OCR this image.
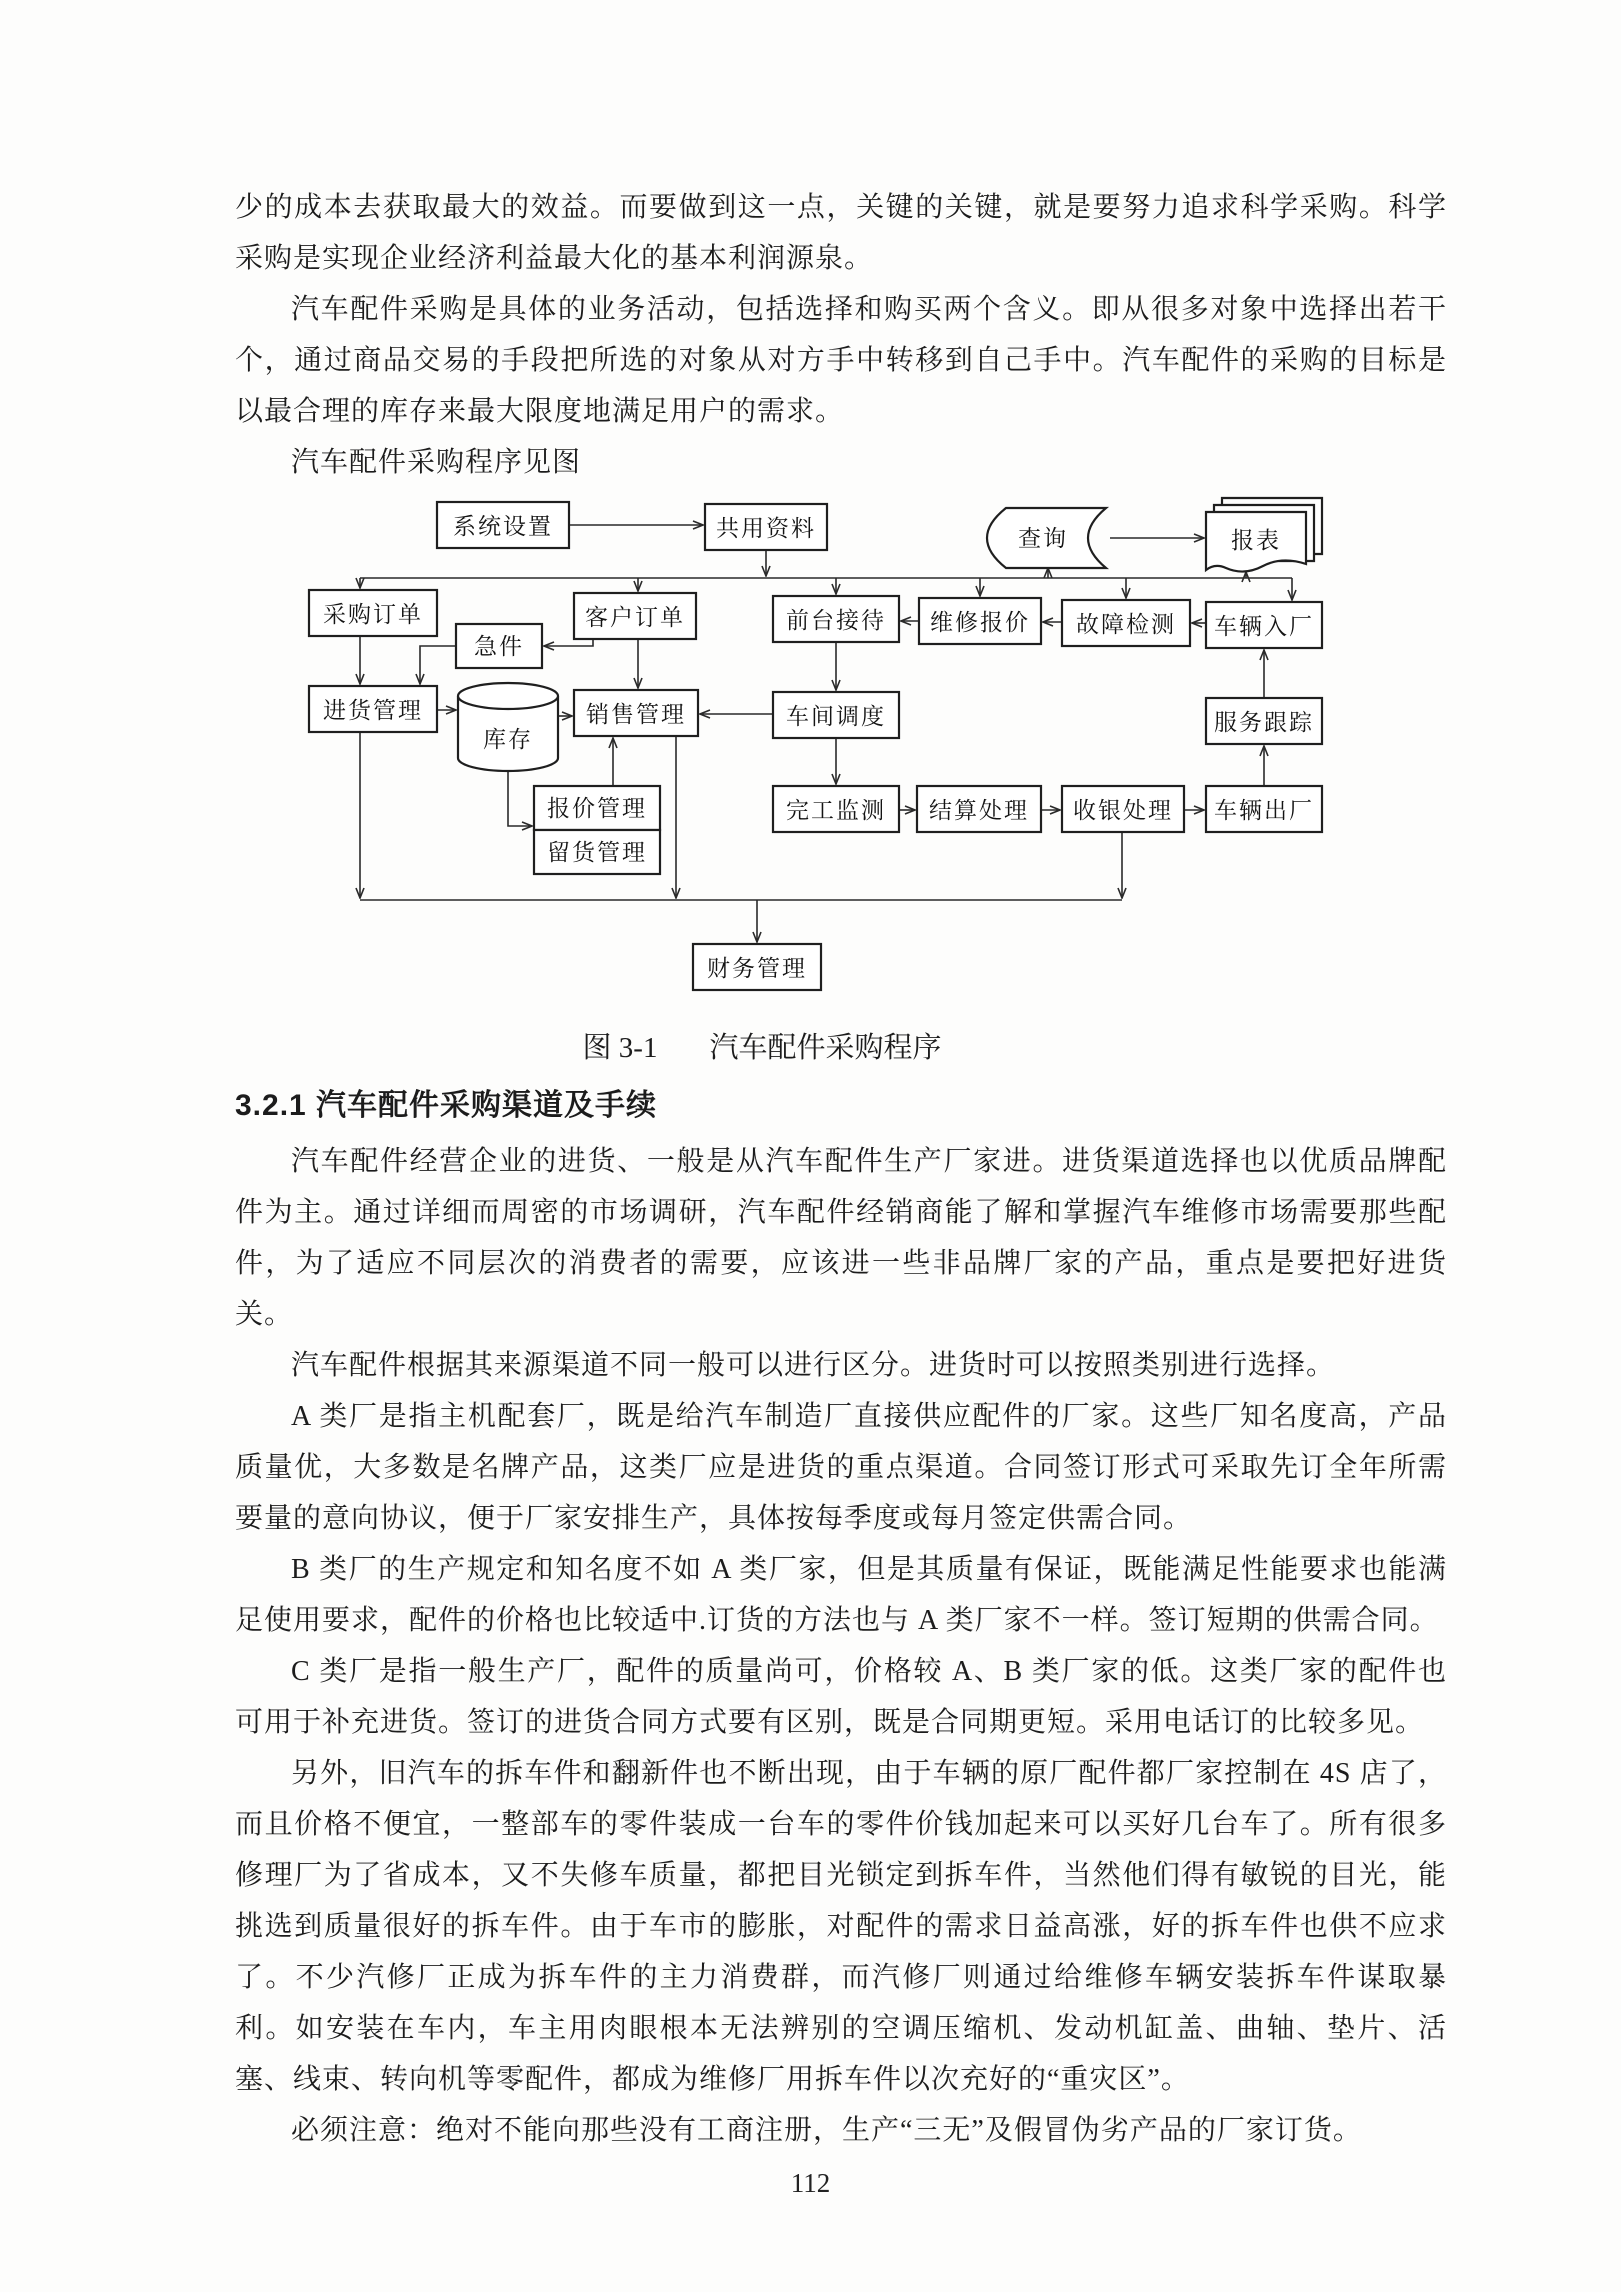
少的成本去获取最大的效益。而要做到这一点，关键的关键，就是要努力追求科学采购。科学采购是实现企业经济利益最大化的基本利润源泉。

汽车配件采购是具体的业务活动，包括选择和购买两个含义。即从很多对象中选择出若干个，通过商品交易的手段把所选的对象从对方手中转移到自己手中。汽车配件的采购的目标是以最合理的库存来最大限度地满足用户的需求。

汽车配件采购程序见图

系统设置	共用资料	查询	报表
采购订单	客户订单	前台接待 维修报价 故障检测 车辆入厂
急件
进货管理
库存
销售管理	车间调度	服务跟踪
报价管理
留货管理
完工监测 结算处理 收银处理 车辆出厂
财务管理
图 3-1 汽车配件采购程序
3.2.1 汽车配件采购渠道及手续

汽车配件经营企业的进货、一般是从汽车配件生产厂家进。进货渠道选择也以优质品牌配件为主。通过详细而周密的市场调研，汽车配件经销商能了解和掌握汽车维修市场需要那些配件，为了适应不同层次的消费者的需要，应该进一些非品牌厂家的产品，重点是要把好进货关。

汽车配件根据其来源渠道不同一般可以进行区分。进货时可以按照类别进行选择。

A 类厂是指主机配套厂，既是给汽车制造厂直接供应配件的厂家。这些厂知名度高，产品质量优，大多数是名牌产品，这类厂应是进货的重点渠道。合同签订形式可采取先订全年所需要量的意向协议，便于厂家安排生产，具体按每季度或每月签定供需合同。

B 类厂的生产规定和知名度不如 A 类厂家，但是其质量有保证，既能满足性能要求也能满足使用要求，配件的价格也比较适中.订货的方法也与 A 类厂家不一样。签订短期的供需合同。

C 类厂是指一般生产厂，配件的质量尚可，价格较 A、B 类厂家的低。这类厂家的配件也可用于补充进货。签订的进货合同方式要有区别，既是合同期更短。采用电话订的比较多见。

另外，旧汽车的拆车件和翻新件也不断出现，由于车辆的原厂配件都厂家控制在 4S 店了，而且价格不便宜，一整部车的零件装成一台车的零件价钱加起来可以买好几台车了。所有很多修理厂为了省成本，又不失修车质量，都把目光锁定到拆车件，当然他们得有敏锐的目光，能挑选到质量很好的拆车件。由于车市的膨胀，对配件的需求日益高涨，好的拆车件也供不应求了。不少汽修厂正成为拆车件的主力消费群，而汽修厂则通过给维修车辆安装拆车件谋取暴利。如安装在车内，车主用肉眼根本无法辨别的空调压缩机、发动机缸盖、曲轴、垫片、活塞、线束、转向机等零配件，都成为维修厂用拆车件以次充好的“重灾区”。

必须注意：绝对不能向那些没有工商注册，生产“三无”及假冒伪劣产品的厂家订货。

112
